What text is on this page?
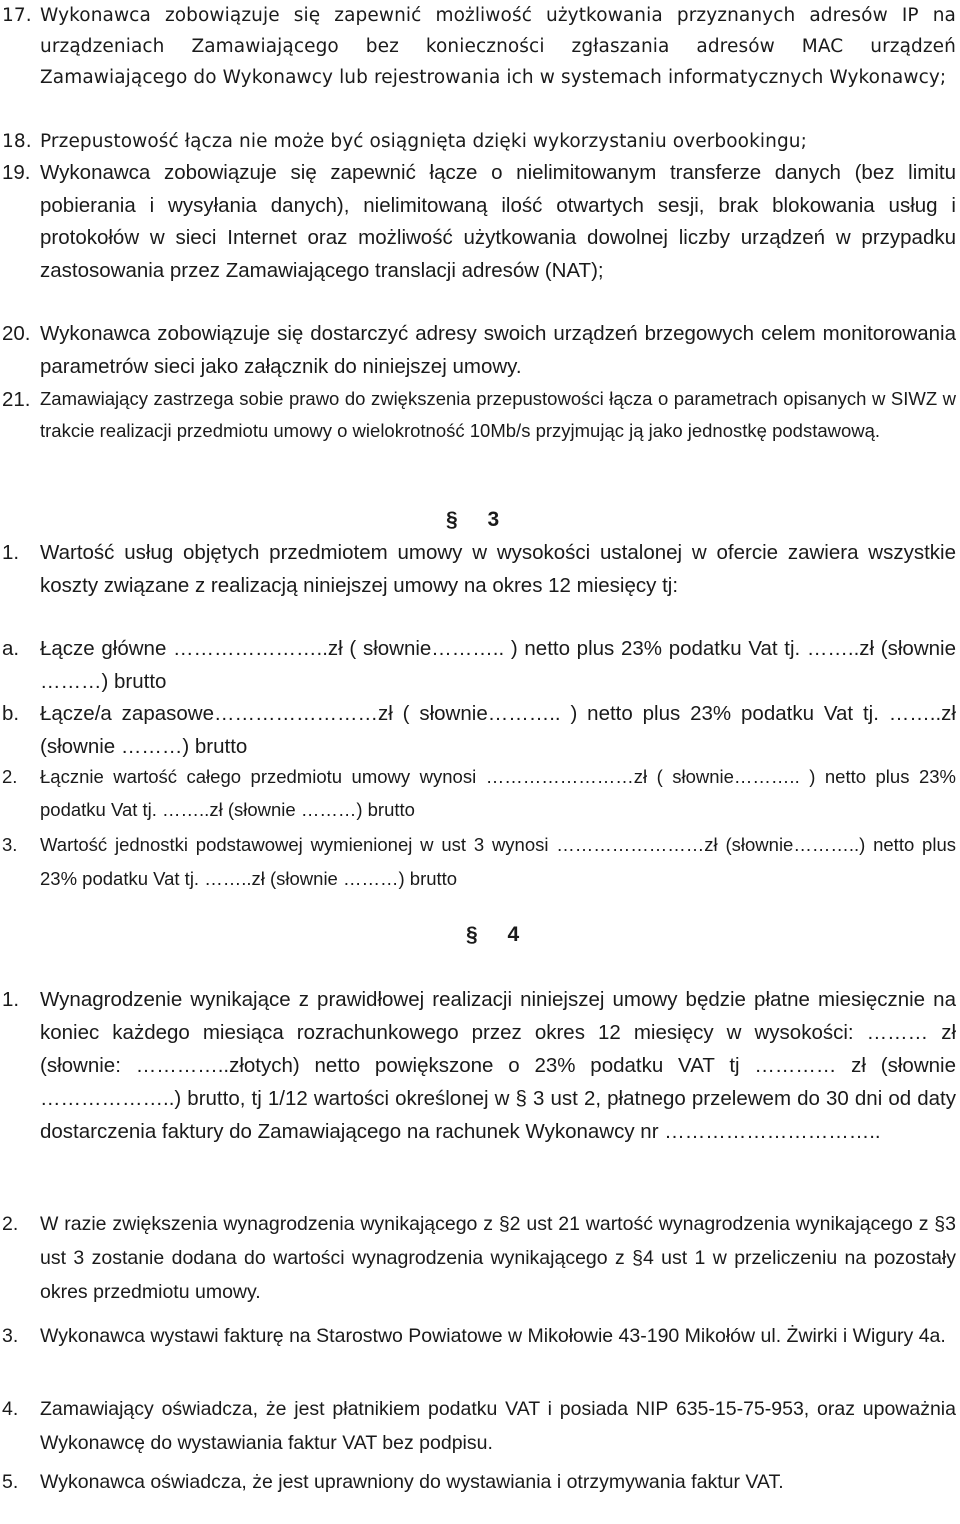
17. Wykonawca zobowiązuje się zapewnić możliwość użytkowania przyznanych adresów IP na urządzeniach Zamawiającego bez konieczności zgłaszania adresów MAC urządzeń Zamawiającego do Wykonawcy lub rejestrowania ich w systemach informatycznych Wykonawcy;
18. Przepustowość łącza nie może być osiągnięta dzięki wykorzystaniu overbookingu;
19. Wykonawca zobowiązuje się zapewnić łącze o nielimitowanym transferze danych (bez limitu pobierania i wysyłania danych), nielimitowaną ilość otwartych sesji, brak blokowania usług i protokołów w sieci Internet oraz możliwość użytkowania dowolnej liczby urządzeń w przypadku zastosowania przez Zamawiającego translacji adresów (NAT);
20. Wykonawca zobowiązuje się dostarczyć adresy swoich urządzeń brzegowych celem monitorowania parametrów sieci jako załącznik do niniejszej umowy.
21. Zamawiający zastrzega sobie prawo do zwiększenia przepustowości łącza o parametrach opisanych w SIWZ w trakcie realizacji przedmiotu umowy o wielokrotność 10Mb/s przyjmując ją jako jednostkę podstawową.
§ 3
1.	Wartość usług objętych przedmiotem umowy w wysokości ustalonej w ofercie zawiera wszystkie koszty związane z realizacją niniejszej umowy na okres 12 miesięcy tj:
a.	Łącze główne …………………..zł ( słownie……….. ) netto plus 23% podatku Vat tj. ……..zł (słownie ………) brutto
b.	Łącze/a zapasowe……………………zł ( słownie……….. ) netto plus 23% podatku Vat tj. ……..zł (słownie ………) brutto
2.	Łącznie wartość całego przedmiotu umowy wynosi ……………………zł ( słownie……….. ) netto plus 23% podatku Vat tj. ……..zł (słownie ………) brutto
3.	Wartość jednostki podstawowej wymienionej w ust 3 wynosi ……………………zł (słownie………..) netto plus 23% podatku Vat tj. ……..zł (słownie ………) brutto
§ 4
1.	Wynagrodzenie wynikające z prawidłowej realizacji niniejszej umowy będzie płatne miesięcznie na koniec każdego miesiąca rozrachunkowego przez okres 12 miesięcy w wysokości: ……… zł (słownie: …………..złotych) netto powiększone o 23% podatku VAT tj ………… zł (słownie ………………..) brutto, tj 1/12 wartości określonej w § 3 ust 2, płatnego przelewem do 30 dni od daty dostarczenia faktury do Zamawiającego na rachunek Wykonawcy nr …………………………..
2.	W razie zwiększenia wynagrodzenia wynikającego z §2 ust 21 wartość wynagrodzenia wynikającego z §3 ust 3 zostanie dodana do wartości wynagrodzenia wynikającego z §4 ust 1 w przeliczeniu na pozostały okres przedmiotu umowy.
3.	Wykonawca wystawi fakturę na Starostwo Powiatowe w Mikołowie 43-190 Mikołów ul. Żwirki i Wigury 4a.
4.	Zamawiający oświadcza, że jest płatnikiem podatku VAT i posiada NIP 635-15-75-953, oraz upoważnia Wykonawcę do wystawiania faktur VAT bez podpisu.
5.	Wykonawca oświadcza, że jest uprawniony do wystawiania i otrzymywania faktur VAT.
